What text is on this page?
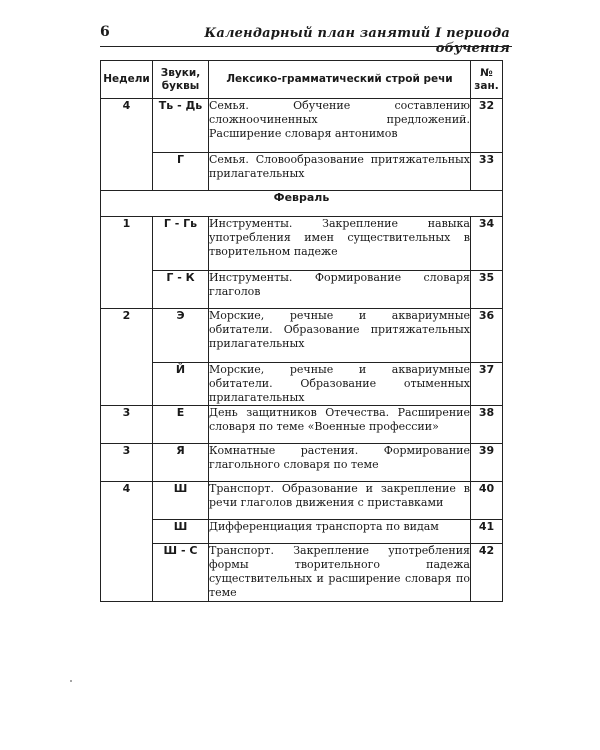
6	Календарный план занятий I периода обучения
Недели	Звуки, буквы	Лексико-грамматический строй речи	№
зан.
4	Ть - Дь	Семья. Обучение составлению сложноочиненных предложений. Расширение словаря антонимов	32
	Г	Семья. Словообразование притяжательных прилагательных	33
Февраль			
1	Г - Гь	Инструменты. Закрепление навыка употребления имен существительных в творительном падеже	34
	Г - К	Инструменты. Формирование словаря глаголов	35
2	Э	Морские, речные и аквариумные обитатели. Образование притяжательных прилагательных	36
	Й	Морские, речные и аквариумные обитатели. Образование отыменных прилагательных	37
3	Е	День защитников Отечества. Расширение словаря по теме «Военные профессии»	38
3	Я	Комнатные растения. Формирование глагольного словаря по теме	39
4	Ш	Транспорт. Образование и закрепление в речи глаголов движения с приставками	40
	Ш	Дифференциация транспорта по видам	41
	Ш - С	Транспорт. Закрепление употребления формы творительного падежа существительных и расширение словаря по теме	42
